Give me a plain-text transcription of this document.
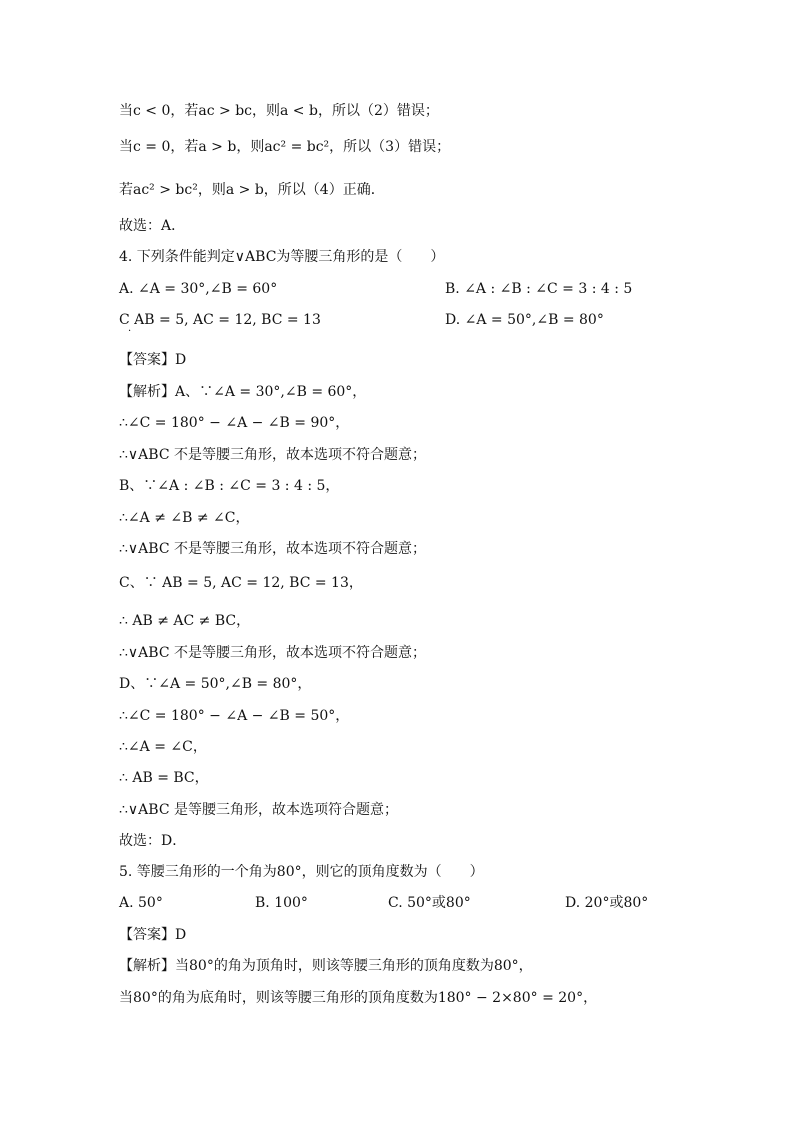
当c < 0，若ac > bc，则a < b，所以（2）错误；
当c = 0，若a > b，则ac² = bc²，所以（3）错误；
若ac² > bc²，则a > b，所以（4）正确．
故选：A．
4. 下列条件能判定∨ABC为等腰三角形的是（　　）
A. ∠A = 30°,∠B = 60°	B. ∠A : ∠B : ∠C = 3 : 4 : 5
C AB = 5, AC = 12, BC = 13
·
D. ∠A = 50°,∠B = 80°
【答案】D
【解析】A、∵∠A = 30°,∠B = 60°，
∴∠C = 180° − ∠A − ∠B = 90°，
∴∨ABC 不是等腰三角形，故本选项不符合题意；
B、∵∠A : ∠B : ∠C = 3 : 4 : 5，
∴∠A ≠ ∠B ≠ ∠C，
∴∨ABC 不是等腰三角形，故本选项不符合题意；
C、∵ AB = 5, AC = 12, BC = 13，
∴ AB ≠ AC ≠ BC，
∴∨ABC 不是等腰三角形，故本选项不符合题意；
D、∵∠A = 50°,∠B = 80°，
∴∠C = 180° − ∠A − ∠B = 50°，
∴∠A = ∠C，
∴ AB = BC，
∴∨ABC 是等腰三角形，故本选项符合题意；
故选：D．
5. 等腰三角形的一个角为80°，则它的顶角度数为（　　）
A. 50°	B. 100°	C. 50°或80°	D. 20°或80°
【答案】D
【解析】当80°的角为顶角时，则该等腰三角形的顶角度数为80°，
当80°的角为底角时，则该等腰三角形的顶角度数为180° − 2×80° = 20°，
